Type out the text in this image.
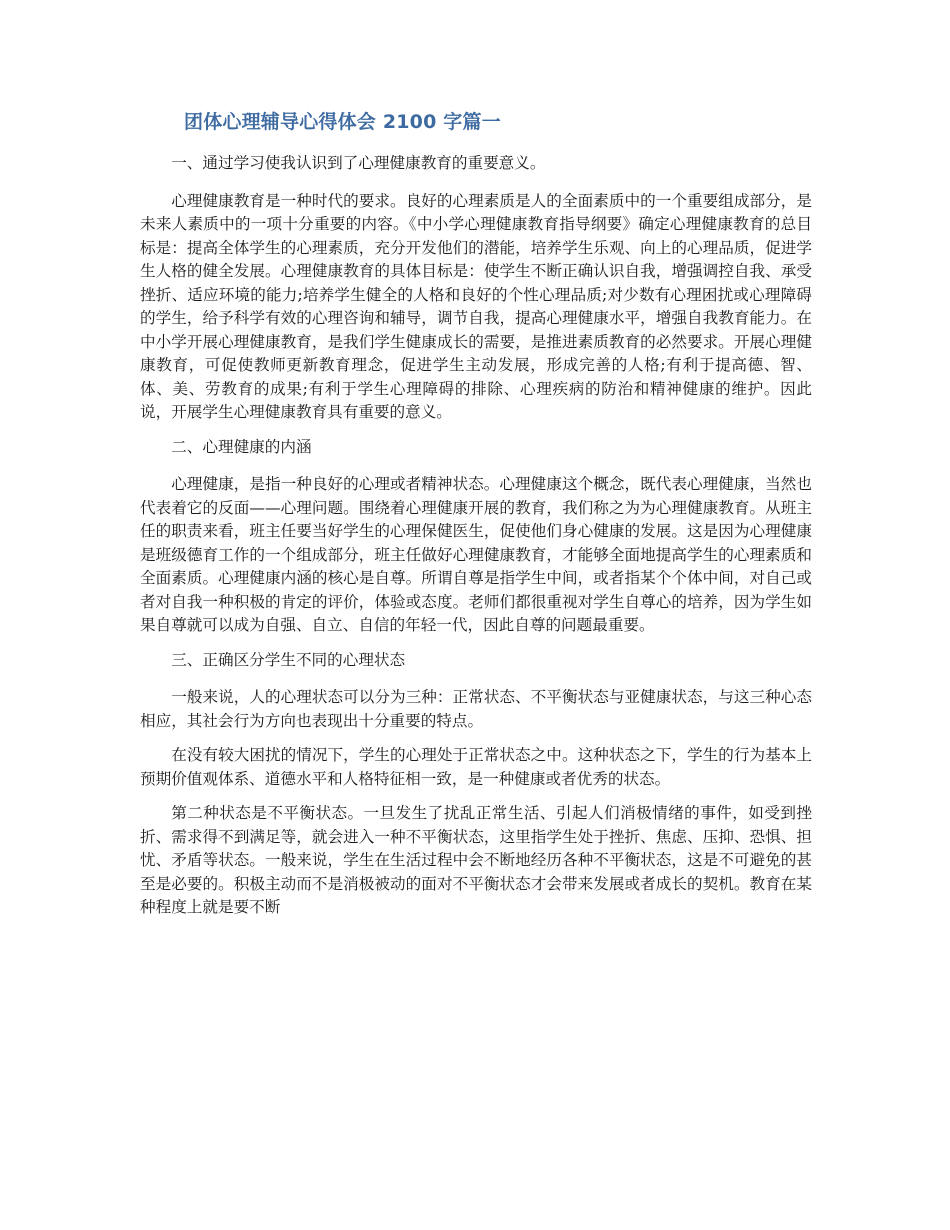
团体心理辅导心得体会 2100 字篇一

一、通过学习使我认识到了心理健康教育的重要意义。

心理健康教育是一种时代的要求。良好的心理素质是人的全面素质中的一个重要组成部分，是未来人素质中的一项十分重要的内容。《中小学心理健康教育指导纲要》确定心理健康教育的总目标是：提高全体学生的心理素质，充分开发他们的潜能，培养学生乐观、向上的心理品质，促进学生人格的健全发展。心理健康教育的具体目标是：使学生不断正确认识自我，增强调控自我、承受挫折、适应环境的能力;培养学生健全的人格和良好的个性心理品质;对少数有心理困扰或心理障碍的学生，给予科学有效的心理咨询和辅导，调节自我，提高心理健康水平，增强自我教育能力。在中小学开展心理健康教育，是我们学生健康成长的需要，是推进素质教育的必然要求。开展心理健康教育，可促使教师更新教育理念，促进学生主动发展，形成完善的人格;有利于提高德、智、体、美、劳教育的成果;有利于学生心理障碍的排除、心理疾病的防治和精神健康的维护。因此说，开展学生心理健康教育具有重要的意义。

二、心理健康的内涵

心理健康，是指一种良好的心理或者精神状态。心理健康这个概念，既代表心理健康，当然也代表着它的反面——心理问题。围绕着心理健康开展的教育，我们称之为为心理健康教育。从班主任的职责来看，班主任要当好学生的心理保健医生，促使他们身心健康的发展。这是因为心理健康是班级德育工作的一个组成部分，班主任做好心理健康教育，才能够全面地提高学生的心理素质和全面素质。心理健康内涵的核心是自尊。所谓自尊是指学生中间，或者指某个个体中间，对自己或者对自我一种积极的肯定的评价，体验或态度。老师们都很重视对学生自尊心的培养，因为学生如果自尊就可以成为自强、自立、自信的年轻一代，因此自尊的问题最重要。

三、正确区分学生不同的心理状态

一般来说，人的心理状态可以分为三种：正常状态、不平衡状态与亚健康状态，与这三种心态相应，其社会行为方向也表现出十分重要的特点。

在没有较大困扰的情况下，学生的心理处于正常状态之中。这种状态之下，学生的行为基本上预期价值观体系、道德水平和人格特征相一致，是一种健康或者优秀的状态。

第二种状态是不平衡状态。一旦发生了扰乱正常生活、引起人们消极情绪的事件，如受到挫折、需求得不到满足等，就会进入一种不平衡状态，这里指学生处于挫折、焦虑、压抑、恐惧、担忧、矛盾等状态。一般来说，学生在生活过程中会不断地经历各种不平衡状态，这是不可避免的甚至是必要的。积极主动而不是消极被动的面对不平衡状态才会带来发展或者成长的契机。教育在某种程度上就是要不断
